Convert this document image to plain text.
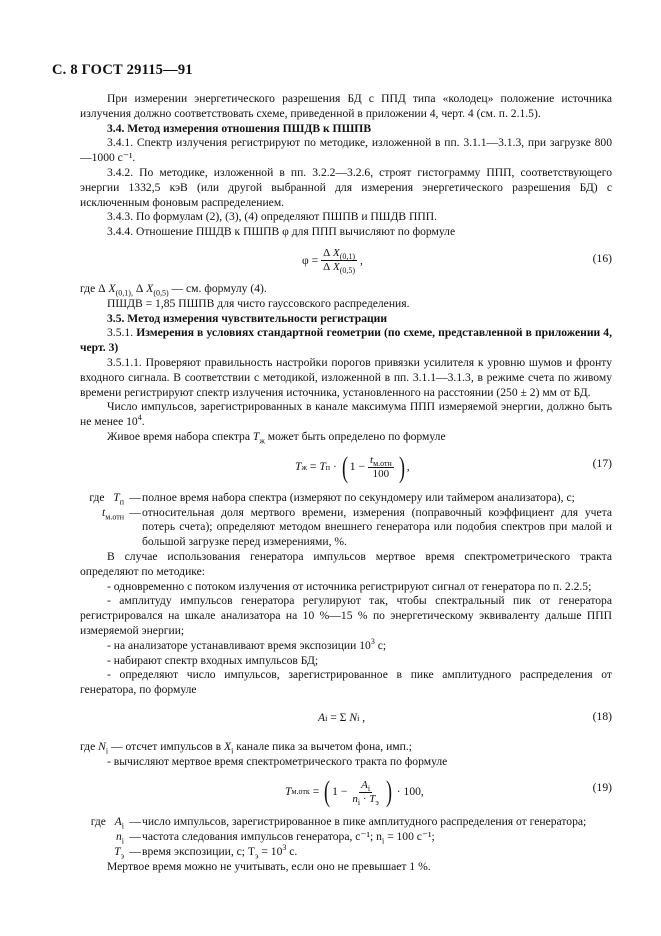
С. 8 ГОСТ 29115—91

При измерении энергетического разрешения БД с ППД типа «колодец» положение источника излучения должно соответствовать схеме, приведенной в приложении 4, черт. 4 (см. п. 2.1.5).

3.4. Метод измерения отношения ПШДВ к ПШПВ

3.4.1. Спектр излучения регистрируют по методике, изложенной в пп. 3.1.1—3.1.3, при загрузке 800—1000 с⁻¹.

3.4.2. По методике, изложенной в пп. 3.2.2—3.2.6, строят гистограмму ППП, соответствующего энергии 1332,5 кэВ (или другой выбранной для измерения энергетического разрешения БД) с исключенным фоновым распределением.

3.4.3. По формулам (2), (3), (4) определяют ПШПВ и ПШДВ ППП.

3.4.4. Отношение ПШДВ к ПШПВ φ для ППП вычисляют по формуле

$\varphi = \frac{\Delta X_{(0,1)}}{\Delta X_{(0,5)}}$ ,	(16)

где Δ $X_{(0,1),}$ Δ $X_{(0,5)}$ — см. формулу (4).

ПШДВ = 1,85 ПШПВ для чисто гауссовского распределения.

3.5. Метод измерения чувствительности регистрации

3.5.1. Измерения в условиях стандартной геометрии (по схеме, представленной в приложении 4, черт. 3)

3.5.1.1. Проверяют правильность настройки порогов привязки усилителя к уровню шумов и фронту входного сигнала. В соответствии с методикой, изложенной в пп. 3.1.1—3.1.3, в режиме счета по живому времени регистрируют спектр излучения источника, установленного на расстоянии (250 ± 2) мм от БД.

Число импульсов, зарегистрированных в канале максимума ППП измеряемой энергии, должно быть не менее $10^4$.

Живое время набора спектра $T_ж$ может быть определено по формуле

T ж
=
T п
·
( $1 - \frac{t_{м.отн}}{100}$ ) ,	(17)
где $T_п$ — полное время набора спектра (измеряют по секундомеру или таймером анализатора), с;
$t_{м.отн}$ — относительная доля мертвого времени, измерения (поправочный коэффициент для учета потерь счета); определяют методом внешнего генератора или подобия спектров при малой и большой загрузке перед измерениями, %.

В случае использования генератора импульсов мертвое время спектрометрического тракта определяют по методике:

- одновременно с потоком излучения от источника регистрируют сигнал от генератора по п. 2.2.5;

- амплитуду импульсов генератора регулируют так, чтобы спектральный пик от генератора регистрировался на шкале анализатора на 10 %—15 % по энергетическому эквиваленту дальше ППП измеряемой энергии;

- на анализаторе устанавливают время экспозиции $10^3$ с;

- набирают спектр входных импульсов БД;

- определяют число импульсов, зарегистрированное в пике амплитудного распределения от генератора, по формуле

A i
= Σ
N i
,	(18)

где $N_i$ — отсчет импульсов в $X_i$ канале пика за вычетом фона, имп.;

- вычисляют мертвое время спектрометрического тракта по формуле

T м.отк
=
( $1 - \frac{A_i}{n_i \cdot T_э}$ )
· 100,	(19)
где $A_i$ — число импульсов, зарегистрированное в пике амплитудного распределения от генератора;
$n_i$ — частота следования импульсов генератора, с⁻¹; $n_i = 100$ с⁻¹;
$T_э$ — время экспозиции, с; $T_э = 10^3$ с.

Мертвое время можно не учитывать, если оно не превышает 1 %.
